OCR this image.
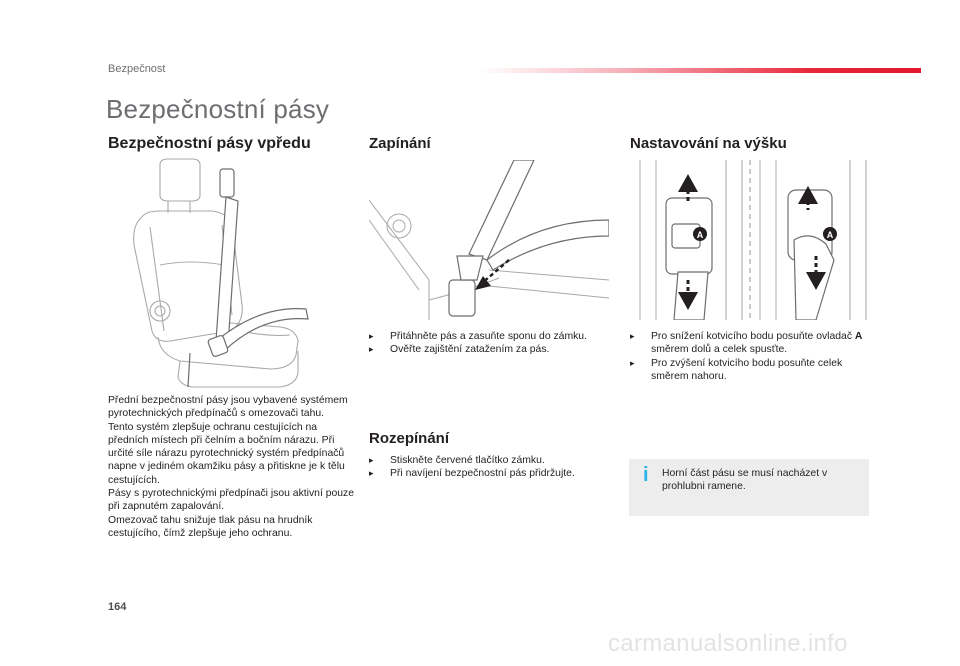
Bezpečnost
Bezpečnostní pásy
Bezpečnostní pásy vpředu	Zapínání	Nastavování na výšku
Rozepínání
A	A
Přední bezpečnostní pásy jsou vybavené systémem pyrotechnických předpínačů s omezovači tahu.
Tento systém zlepšuje ochranu cestujících na předních místech při čelním a bočním nárazu. Při určité síle nárazu pyrotechnický systém předpínačů napne v jediném okamžiku pásy a přitiskne je k tělu cestujících.
Pásy s pyrotechnickými předpínači jsou aktivní pouze při zapnutém zapalování.
Omezovač tahu snižuje tlak pásu na hrudník cestujícího, čímž zlepšuje jeho ochranu.
▸ Přitáhněte pás a zasuňte sponu do zámku.
▸ Ověřte zajištění zatažením za pás.
▸ Stiskněte červené tlačítko zámku.
▸ Při navíjení bezpečnostní pás přidržujte.
▸ Pro snížení kotvicího bodu posuňte ovladač A směrem dolů a celek spusťte.
▸ Pro zvýšení kotvicího bodu posuňte celek směrem nahoru.
i Horní část pásu se musí nacházet v prohlubni ramene.
164
carmanualsonline.info
